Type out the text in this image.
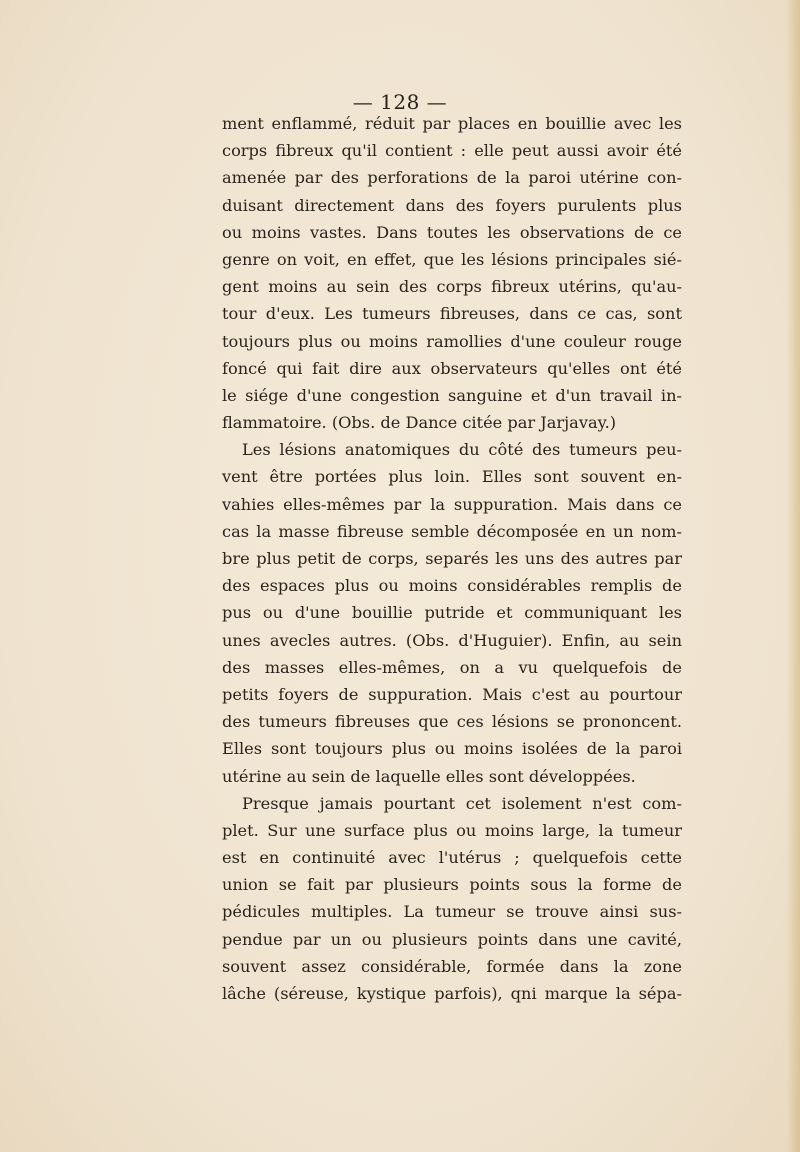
— 128 —
ment enflammé, réduit par places en bouillie avec les
corps fibreux qu'il contient : elle peut aussi avoir été
amenée par des perforations de la paroi utérine con-
duisant directement dans des foyers purulents plus
ou moins vastes. Dans toutes les observations de ce
genre on voit, en effet, que les lésions principales sié-
gent moins au sein des corps fibreux utérins, qu'au-
tour d'eux. Les tumeurs fibreuses, dans ce cas, sont
toujours plus ou moins ramollies d'une couleur rouge
foncé qui fait dire aux observateurs qu'elles ont été
le siége d'une congestion sanguine et d'un travail in-
flammatoire. (Obs. de Dance citée par Jarjavay.)
Les lésions anatomiques du côté des tumeurs peu-
vent être portées plus loin. Elles sont souvent en-
vahies elles-mêmes par la suppuration. Mais dans ce
cas la masse fibreuse semble décomposée en un nom-
bre plus petit de corps, separés les uns des autres par
des espaces plus ou moins considérables remplis de
pus ou d'une bouillie putride et communiquant les
unes avecles autres. (Obs. d'Huguier). Enfin, au sein
des masses elles-mêmes, on a vu quelquefois de
petits foyers de suppuration. Mais c'est au pourtour
des tumeurs fibreuses que ces lésions se prononcent.
Elles sont toujours plus ou moins isolées de la paroi
utérine au sein de laquelle elles sont développées.
Presque jamais pourtant cet isolement n'est com-
plet. Sur une surface plus ou moins large, la tumeur
est en continuité avec l'utérus ; quelquefois cette
union se fait par plusieurs points sous la forme de
pédicules multiples. La tumeur se trouve ainsi sus-
pendue par un ou plusieurs points dans une cavité,
souvent assez considérable, formée dans la zone
lâche (séreuse, kystique parfois), qni marque la sépa-
